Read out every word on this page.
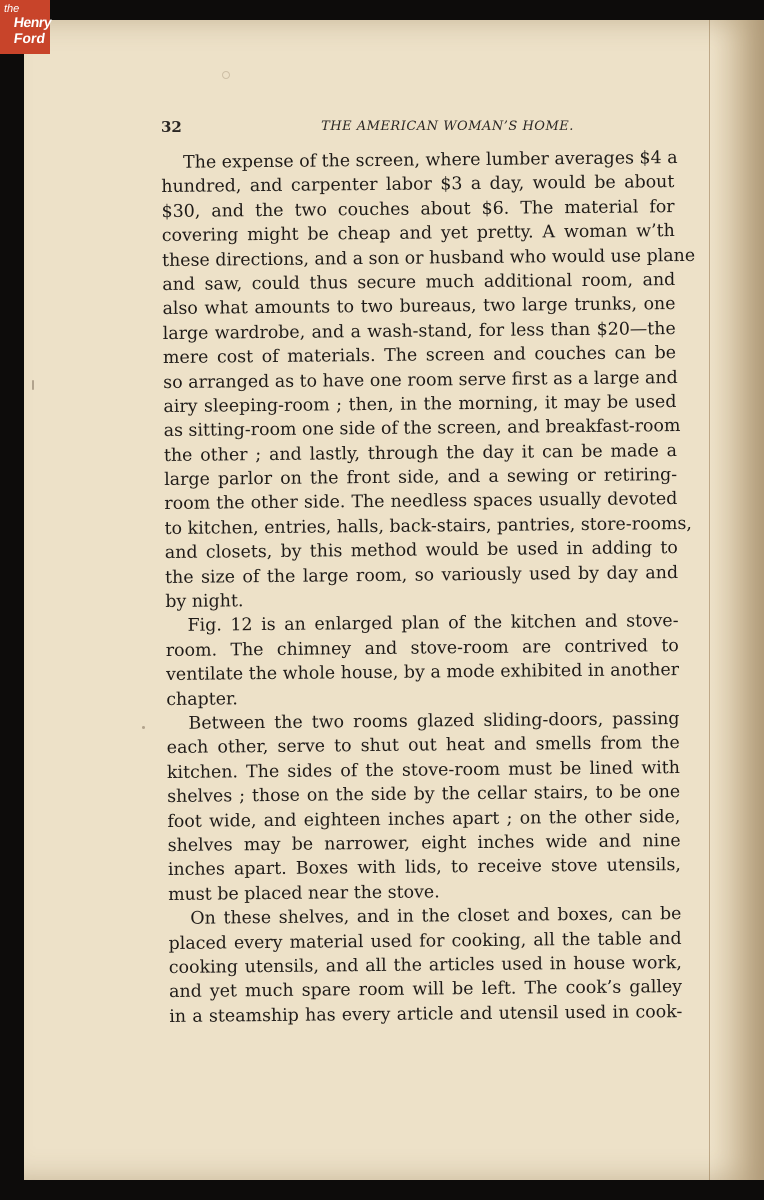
the
Henry
Ford
32	THE AMERICAN WOMAN’S HOME.
The expense of the screen, where lumber averages $4 a
hundred, and carpenter labor $3 a day, would be about
$30, and the two couches about $6. The material for
covering might be cheap and yet pretty. A woman w’th
these directions, and a son or husband who would use plane
and saw, could thus secure much additional room, and
also what amounts to two bureaus, two large trunks, one
large wardrobe, and a wash-stand, for less than $20—the
mere cost of materials. The screen and couches can be
so arranged as to have one room serve first as a large and
airy sleeping-room ; then, in the morning, it may be used
as sitting-room one side of the screen, and breakfast-room
the other ; and lastly, through the day it can be made a
large parlor on the front side, and a sewing or retiring-
room the other side. The needless spaces usually devoted
to kitchen, entries, halls, back-stairs, pantries, store-rooms,
and closets, by this method would be used in adding to
the size of the large room, so variously used by day and
by night.
Fig. 12 is an enlarged plan of the kitchen and stove-
room. The chimney and stove-room are contrived to
ventilate the whole house, by a mode exhibited in another
chapter.
Between the two rooms glazed sliding-doors, passing
each other, serve to shut out heat and smells from the
kitchen. The sides of the stove-room must be lined with
shelves ; those on the side by the cellar stairs, to be one
foot wide, and eighteen inches apart ; on the other side,
shelves may be narrower, eight inches wide and nine
inches apart. Boxes with lids, to receive stove utensils,
must be placed near the stove.
On these shelves, and in the closet and boxes, can be
placed every material used for cooking, all the table and
cooking utensils, and all the articles used in house work,
and yet much spare room will be left. The cook’s galley
in a steamship has every article and utensil used in cook-
